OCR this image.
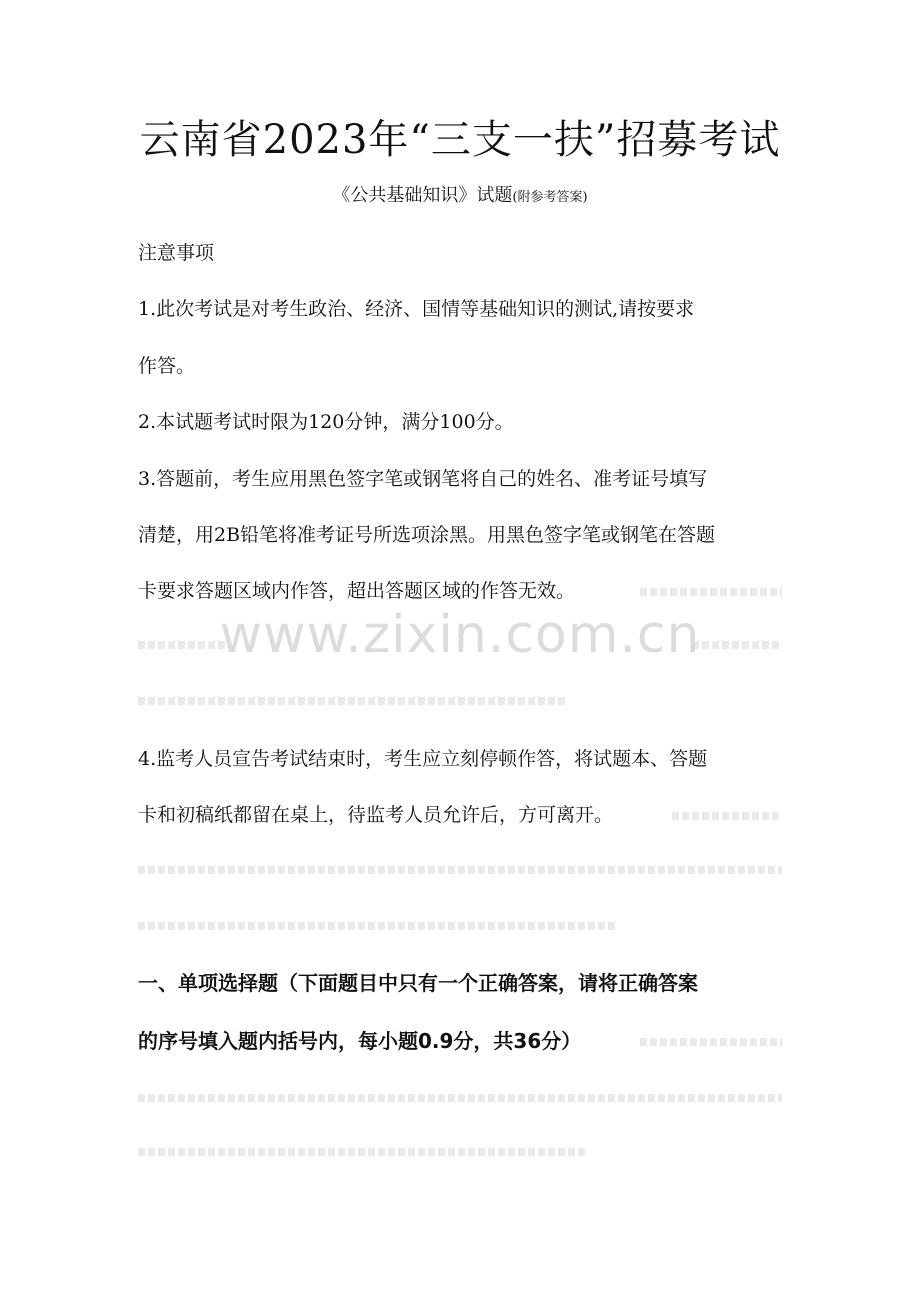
云南省2023年“三支一扶”招募考试
《公共基础知识》试题(附参考答案)
注意事项
1.此次考试是对考生政治、经济、国情等基础知识的测试,请按要求
作答。
2.本试题考试时限为120分钟，满分100分。
3.答题前，考生应用黑色签字笔或钢笔将自己的姓名、准考证号填写
清楚，用2B铅笔将准考证号所选项涂黑。用黑色签字笔或钢笔在答题
卡要求答题区域内作答，超出答题区域的作答无效。
www.zixin.com.cn
4.监考人员宣告考试结束时，考生应立刻停顿作答，将试题本、答题
卡和初稿纸都留在桌上，待监考人员允许后，方可离开。
一、单项选择题（下面题目中只有一个正确答案，请将正确答案
的序号填入题内括号内，每小题0.9分，共36分）
